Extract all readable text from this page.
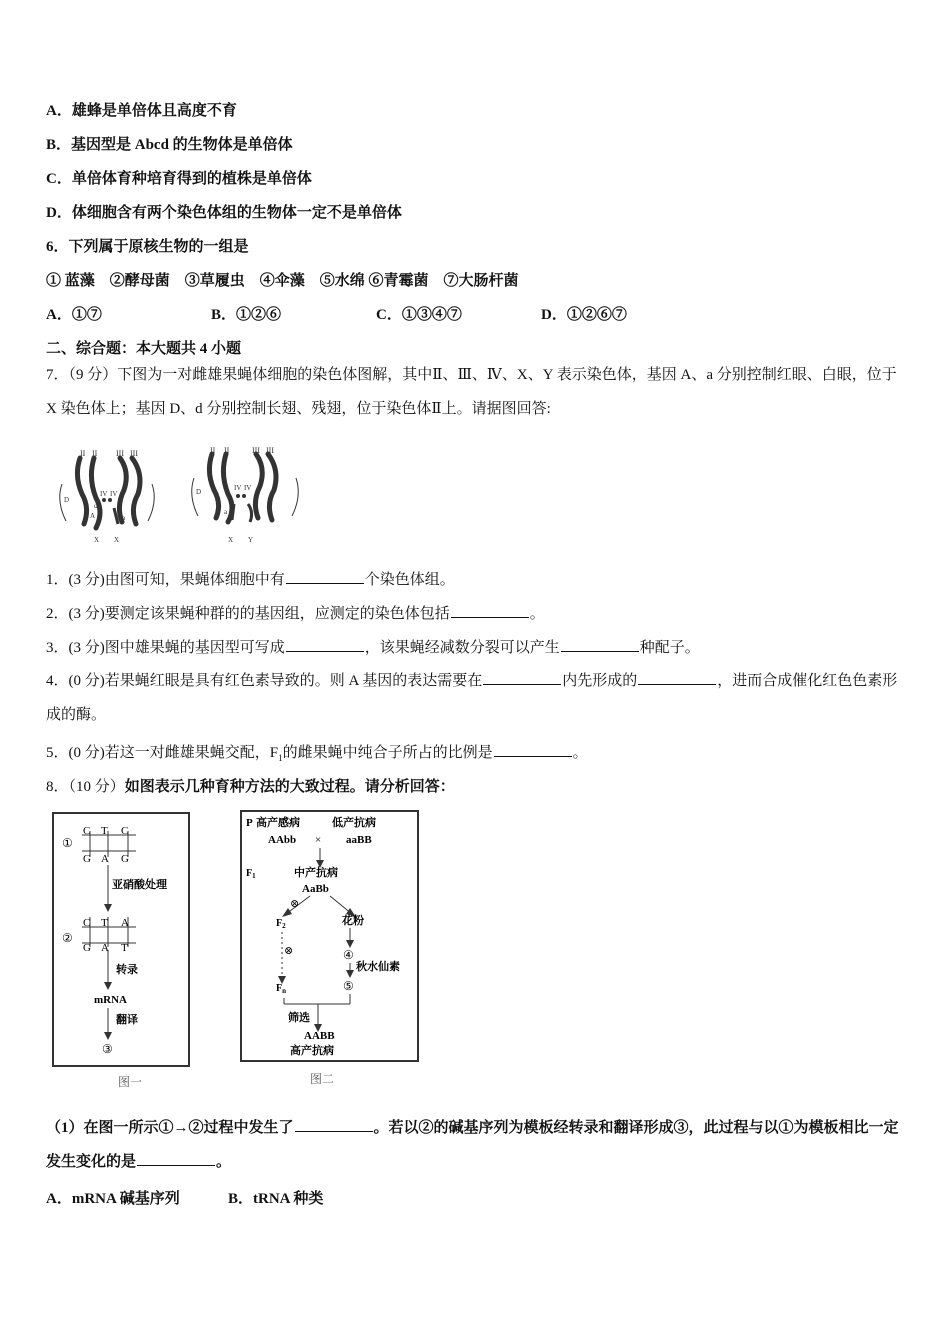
A．雄蜂是单倍体且高度不育
B．基因型是 Abcd 的生物体是单倍体
C．单倍体育种培育得到的植株是单倍体
D．体细胞含有两个染色体组的生物体一定不是单倍体
6．下列属于原核生物的一组是
① 蓝藻　②酵母菌　③草履虫　④伞藻　⑤水绵 ⑥青霉菌　⑦大肠杆菌
A．①⑦	B．①②⑥	C．①③④⑦	D．①②⑥⑦
二、综合题：本大题共 4 小题
7．（9 分）下图为一对雌雄果蝇体细胞的染色体图解，其中Ⅱ、Ⅲ、Ⅳ、X、Y 表示染色体，基因 A、a 分别控制红眼、白眼，位于 X 染色体上；基因 D、d 分别控制长翅、残翅，位于染色体Ⅱ上。请据图回答:
II II III III
IV IV
D
d
A	a
X X
II II	III III
IV IV
D
d
a
X Y
1．(3 分)由图可知，果蝇体细胞中有	个染色体组。
2．(3 分)要测定该果蝇种群的的基因组，应测定的染色体包括	。
3．(3 分)图中雄果蝇的基因型可写成	，该果蝇经减数分裂可以产生	种配子。
4．(0 分)若果蝇红眼是具有红色素导致的。则 A 基因的表达需要在	内先形成的	，进而合成催化红色色素形成的酶。
5．(0 分)若这一对雌雄果蝇交配，$F_1$的雌果蝇中纯合子所占的比例是	。
8．（10 分）如图表示几种育种方法的大致过程。请分析回答：
①
C T C
G A G
亚硝酸处理
②
C T A
G A T
转录
mRNA
翻译
③
图一
P 高产感病	低产抗病
AAbb × aaBB
$F_1$	中产抗病
AaBb
⊗
$F_2$	花粉
⊗	④
秋水仙素
$F_n$	⑤
筛选
AABB
高产抗病
图二
（1）在图一所示①→②过程中发生了	。若以②的碱基序列为模板经转录和翻译形成③，此过程与以①为模板相比一定发生变化的是	。
A．mRNA 碱基序列	B．tRNA 种类
